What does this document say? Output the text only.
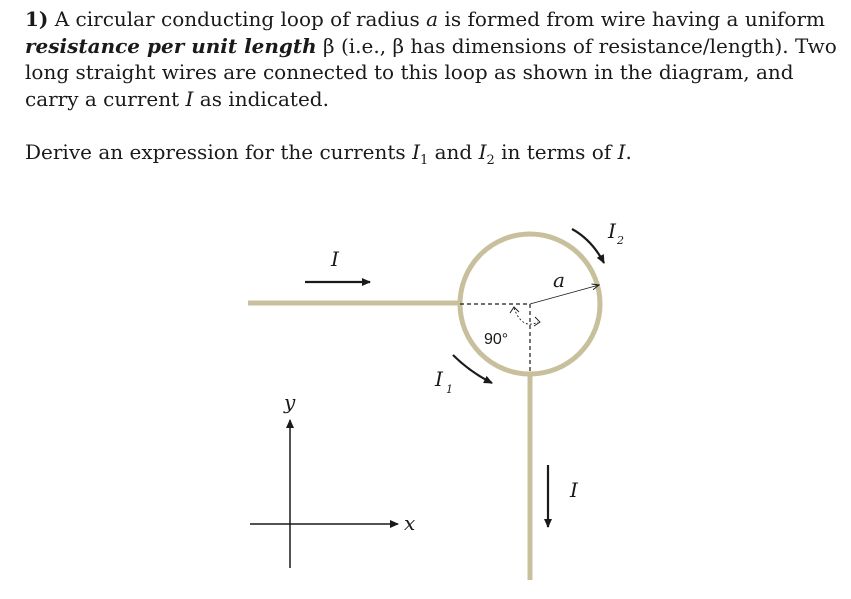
1) A circular conducting loop of radius a is formed from wire having a uniform resistance per unit length β (i.e., β has dimensions of resistance/length). Two long straight wires are connected to this loop as shown in the diagram, and carry a current I as indicated.

Derive an expression for the currents $I_1$ and $I_2$ in terms of I.

I
I
a
90°
I 1
I 2
x
y
